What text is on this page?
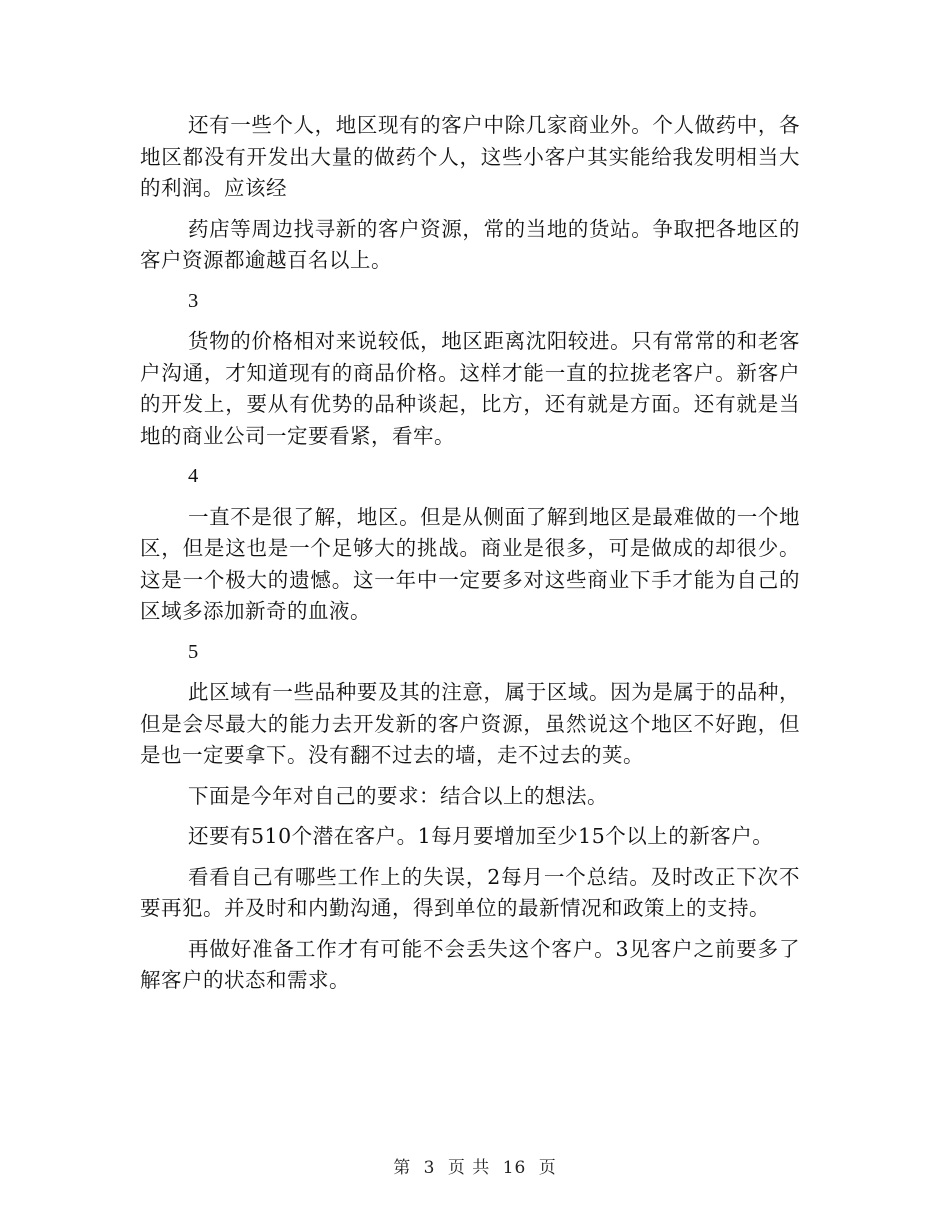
还有一些个人，地区现有的客户中除几家商业外。个人做药中，各地区都没有开发出大量的做药个人，这些小客户其实能给我发明相当大的利润。应该经

药店等周边找寻新的客户资源，常的当地的货站。争取把各地区的客户资源都逾越百名以上。

3

货物的价格相对来说较低，地区距离沈阳较进。只有常常的和老客户沟通，才知道现有的商品价格。这样才能一直的拉拢老客户。新客户的开发上，要从有优势的品种谈起，比方，还有就是方面。还有就是当地的商业公司一定要看紧，看牢。

4

一直不是很了解，地区。但是从侧面了解到地区是最难做的一个地区，但是这也是一个足够大的挑战。商业是很多，可是做成的却很少。这是一个极大的遗憾。这一年中一定要多对这些商业下手才能为自己的区域多添加新奇的血液。

5

此区域有一些品种要及其的注意，属于区域。因为是属于的品种，但是会尽最大的能力去开发新的客户资源，虽然说这个地区不好跑，但是也一定要拿下。没有翻不过去的墙，走不过去的荚。

下面是今年对自己的要求：结合以上的想法。

还要有510个潜在客户。1每月要增加至少15个以上的新客户。

看看自己有哪些工作上的失误，2每月一个总结。及时改正下次不要再犯。并及时和内勤沟通，得到单位的最新情况和政策上的支持。

再做好准备工作才有可能不会丢失这个客户。3见客户之前要多了解客户的状态和需求。

第 3 页 共 16 页
